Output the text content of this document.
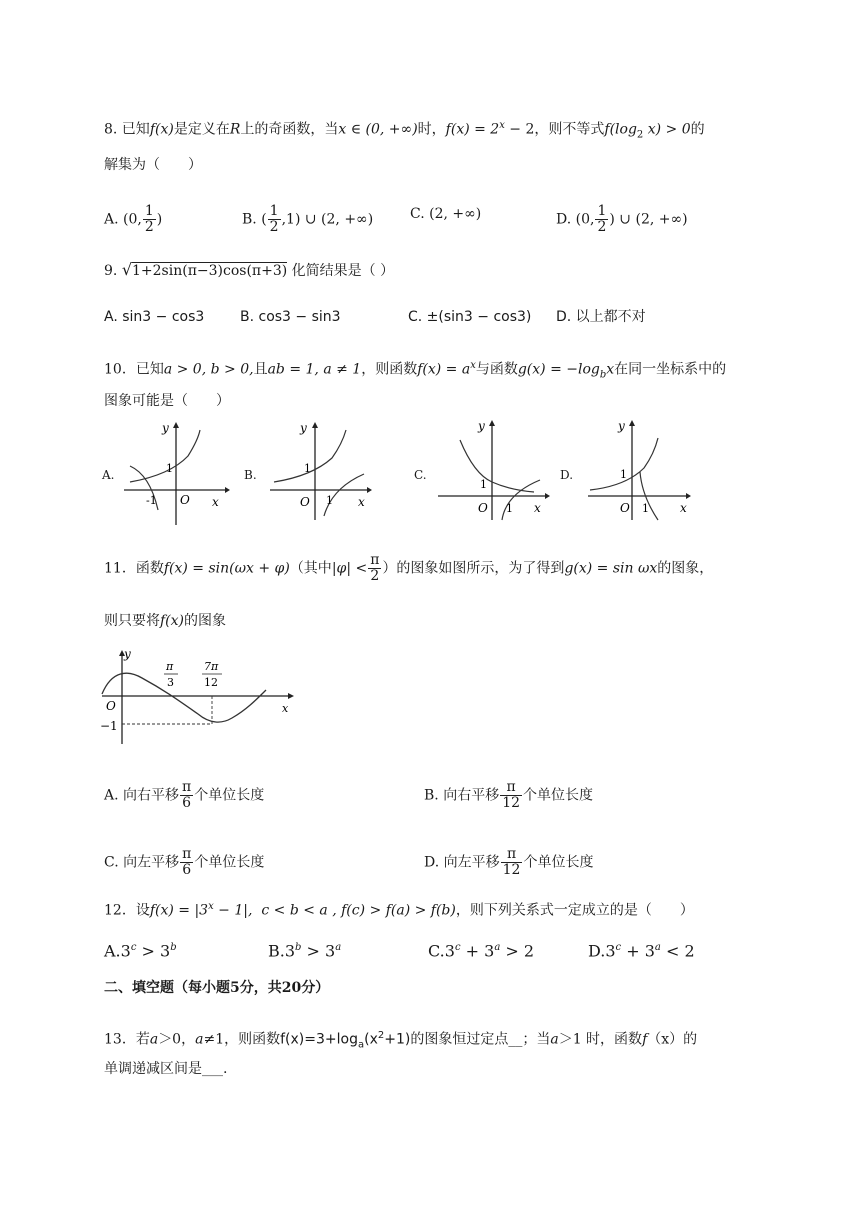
8. 已知f(x)是定义在R上的奇函数，当x ∈ (0, +∞)时，$f(x) = 2^x - 2$，则不等式$f(\log_2$ x) > 0的
解集为（　　）
A. (0, $\frac{1}{2}$ )	B. ( $\frac{1}{2} ,1$) ∪ (2, +∞)	C. (2, +∞)	D. (0, $\frac{1}{2}$ ) ∪ (2, +∞)
9. √1+2sin(π−3)cos(π+3) 化简结果是（ ）
A. sin3 − cos3	B. cos3 − sin3	C. ±(sin3 − cos3) D. 以上都不对
10．已知a > 0, b > 0,且ab = 1, a ≠ 1，则函数$f(x) = a^x$与函数$g(x) = -\log_bx$在同一坐标系中的
图象可能是（　　）
A.
y
x
O
1
-1
B.
y
x
O
1
1
C.
y
x
O
1
1
D.
y
x
O
1
1
11．函数f(x) = sin(ωx + φ)（其中$|\varphi| < \frac{\pi}{2}$ ）的图象如图所示，为了得到g(x) = sin ωx的图象，
则只要将f(x)的图象
y
x
O
−1
π
3
7π
12
A. 向右平移 $\frac{\pi}{6}$ 个单位长度	B. 向右平移 $\frac{\pi}{12}$ 个单位长度
C. 向左平移 $\frac{\pi}{6}$ 个单位长度	D. 向左平移 $\frac{\pi}{12}$ 个单位长度
12．设$f(x) = |3^x - 1|$, c < b < a , f(c) > f(a) > f(b)，则下列关系式一定成立的是（　　）
$A.3^c > 3^b$	$B.3^b > 3^a$	$C.3^c + 3^a > 2$	$D.3^c + 3^a < 2$
二、填空题（每小题5分，共20分）
13．若a＞0，a≠1，则函数$f(x)=3+\log_a(x^2+1)$的图象恒过定点__；当a＞1 时，函数f（x）的
单调递减区间是___.
